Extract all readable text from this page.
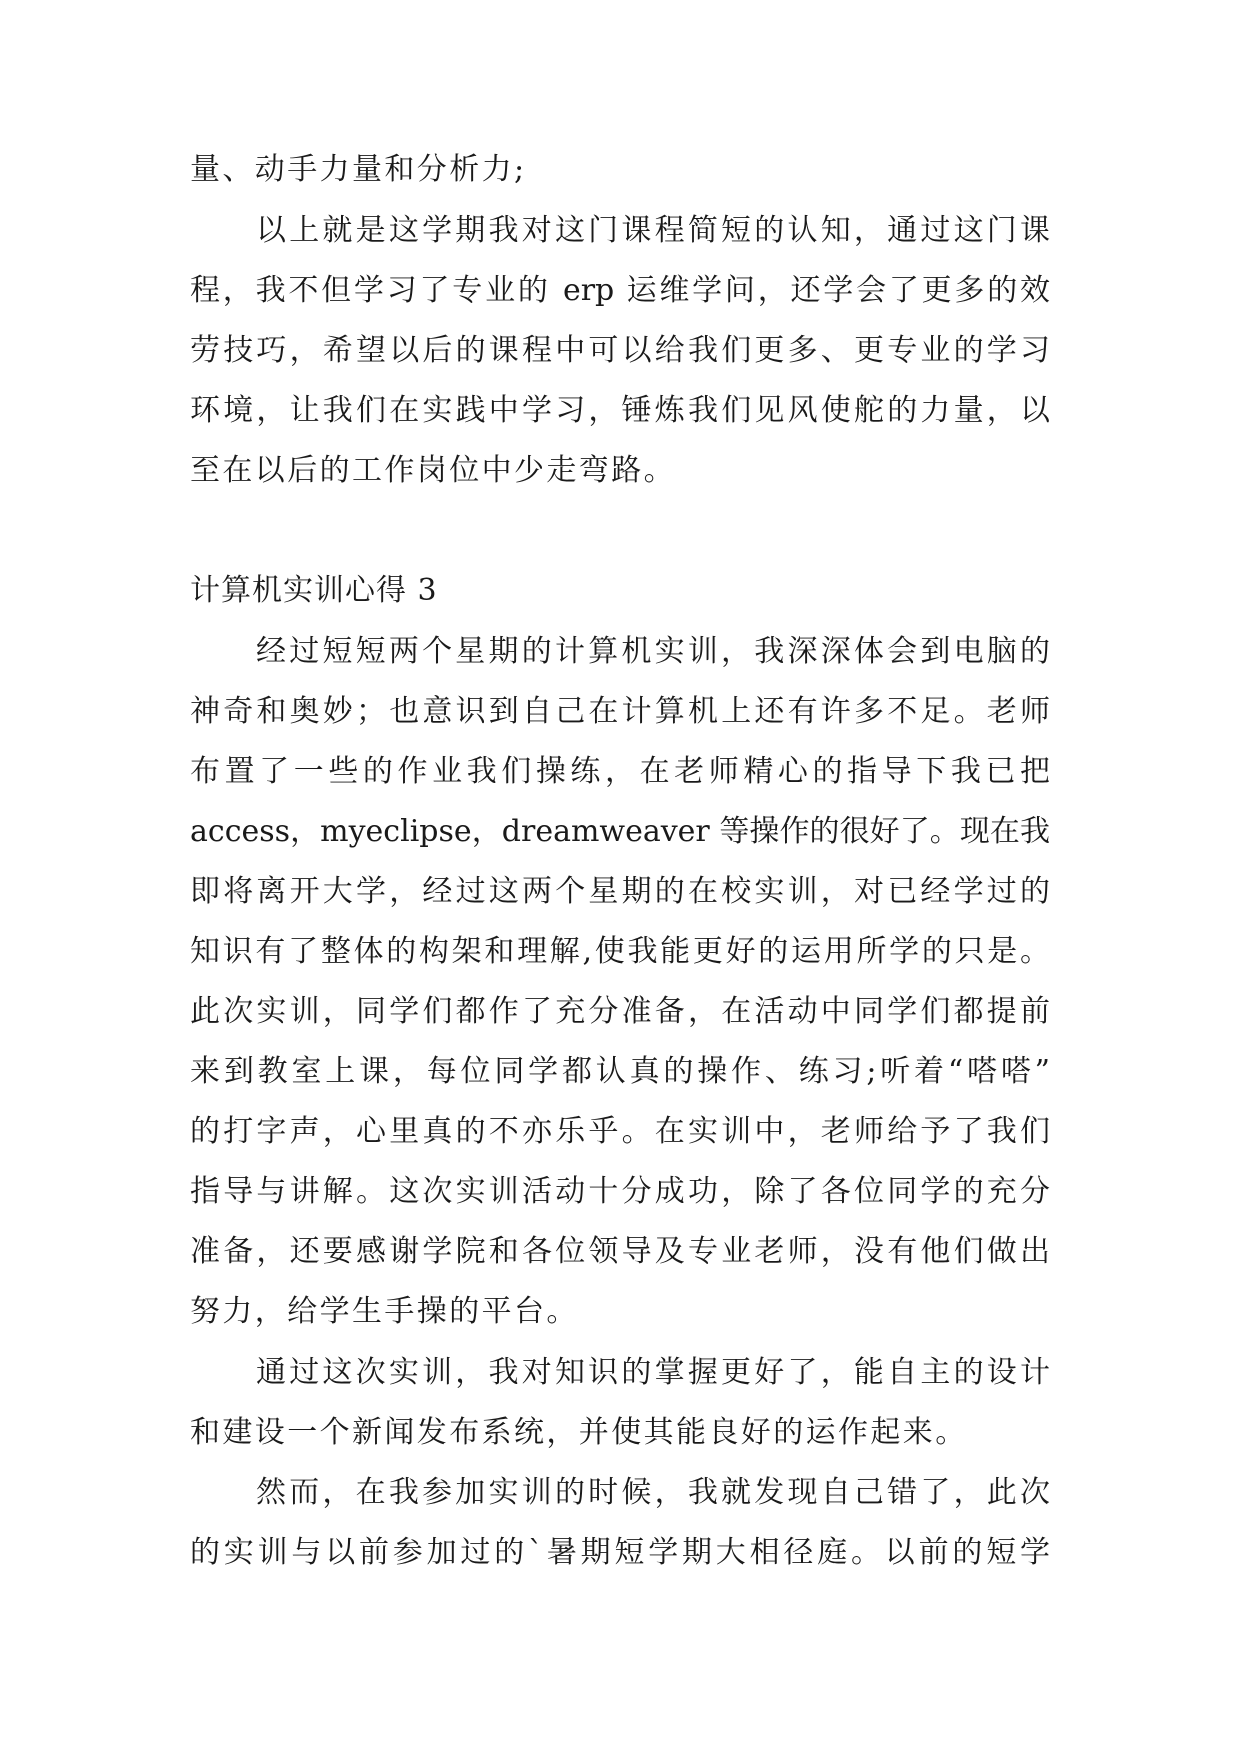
量、动手力量和分析力;
以上就是这学期我对这门课程简短的认知，通过这门课
程，我不但学习了专业的 erp 运维学问，还学会了更多的效
劳技巧，希望以后的课程中可以给我们更多、更专业的学习
环境，让我们在实践中学习，锤炼我们见风使舵的力量，以
至在以后的工作岗位中少走弯路。
计算机实训心得 3
经过短短两个星期的计算机实训，我深深体会到电脑的
神奇和奥妙；也意识到自己在计算机上还有许多不足。老师
布置了一些的作业我们操练，在老师精心的指导下我已把
access，myeclipse，dreamweaver 等操作的很好了。现在我
即将离开大学，经过这两个星期的在校实训，对已经学过的
知识有了整体的构架和理解,使我能更好的运用所学的只是。
此次实训，同学们都作了充分准备，在活动中同学们都提前
来到教室上课，每位同学都认真的操作、练习;听着“嗒嗒”
的打字声，心里真的不亦乐乎。在实训中，老师给予了我们
指导与讲解。这次实训活动十分成功，除了各位同学的充分
准备，还要感谢学院和各位领导及专业老师，没有他们做出
努力，给学生手操的平台。
通过这次实训，我对知识的掌握更好了，能自主的设计
和建设一个新闻发布系统，并使其能良好的运作起来。
然而，在我参加实训的时候，我就发现自己错了，此次
的实训与以前参加过的`暑期短学期大相径庭。以前的短学
